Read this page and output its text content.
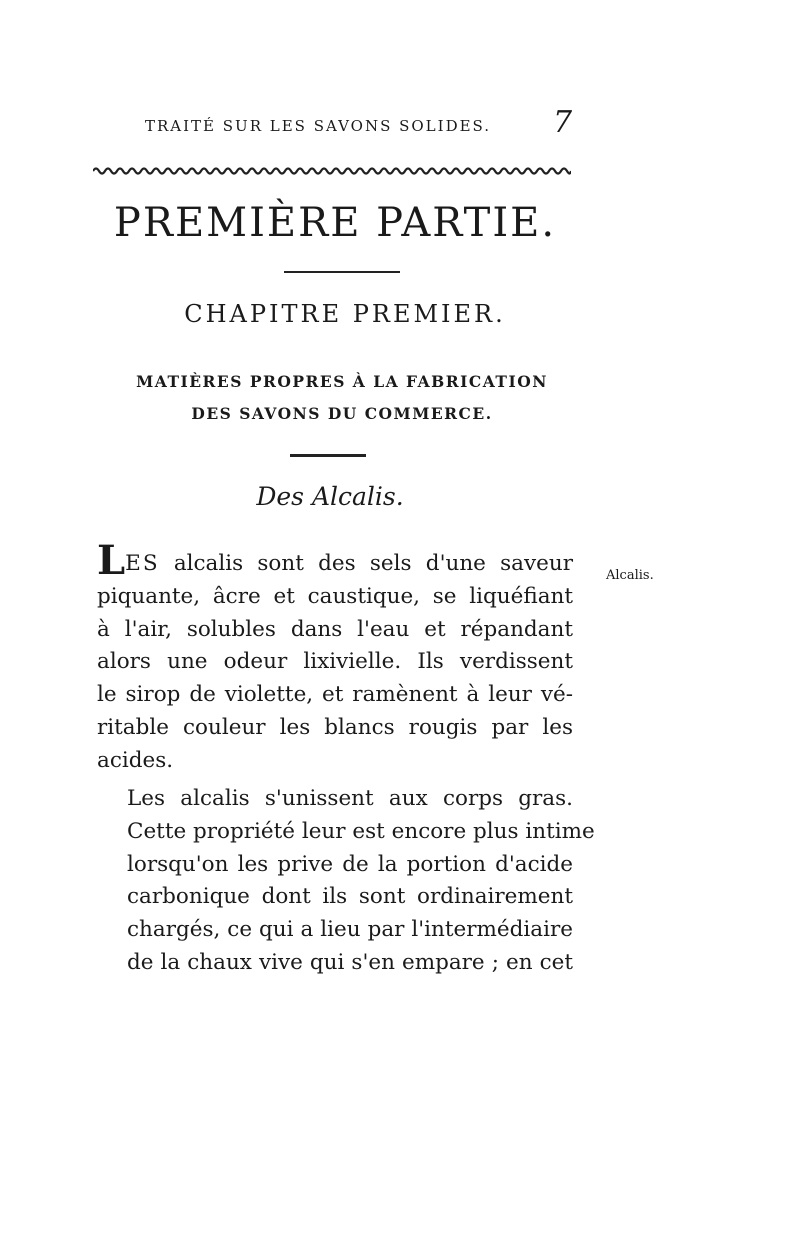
TRAITÉ SUR LES SAVONS SOLIDES.	7
PREMIÈRE PARTIE.
CHAPITRE PREMIER.
MATIÈRES PROPRES À LA FABRICATION
DES SAVONS DU COMMERCE.
Des Alcalis.
Alcalis.
LES alcalis sont des sels d'une saveur
piquante, âcre et caustique, se liquéfiant
à l'air, solubles dans l'eau et répandant
alors une odeur lixivielle. Ils verdissent
le sirop de violette, et ramènent à leur vé-
ritable couleur les blancs rougis par les
acides.
Les alcalis s'unissent aux corps gras.
Cette propriété leur est encore plus intime
lorsqu'on les prive de la portion d'acide
carbonique dont ils sont ordinairement
chargés, ce qui a lieu par l'intermédiaire
de la chaux vive qui s'en empare ; en cet
